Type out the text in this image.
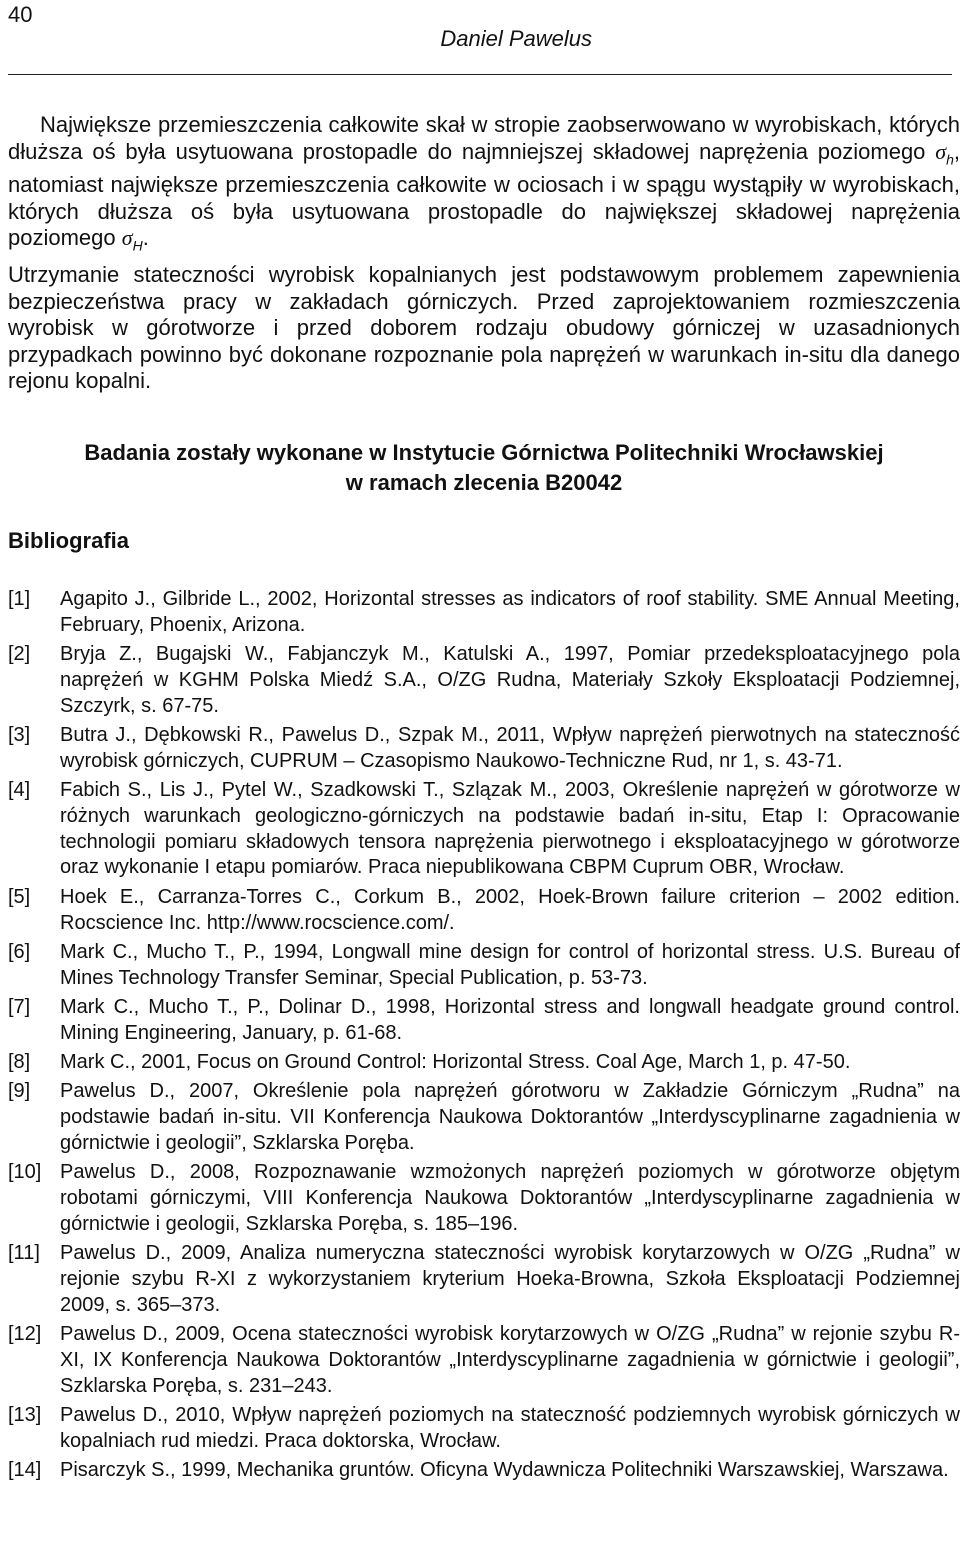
40
Daniel Pawelus

Największe przemieszczenia całkowite skał w stropie zaobserwowano w wyrobiskach, których dłuższa oś była usytuowana prostopadle do najmniejszej składowej naprężenia poziomego $\sigma_h$, natomiast największe przemieszczenia całkowite w ociosach i w spągu wystąpiły w wyrobiskach, których dłuższa oś była usytuowana prostopadle do największej składowej naprężenia poziomego $\sigma_H$.

Utrzymanie stateczności wyrobisk kopalnianych jest podstawowym problemem zapewnienia bezpieczeństwa pracy w zakładach górniczych. Przed zaprojektowaniem rozmieszczenia wyrobisk w górotworze i przed doborem rodzaju obudowy górniczej w uzasadnionych przypadkach powinno być dokonane rozpoznanie pola naprężeń w warunkach in-situ dla danego rejonu kopalni.

Badania zostały wykonane w Instytucie Górnictwa Politechniki Wrocławskiej
w ramach zlecenia B20042
Bibliografia
[1]	Agapito J., Gilbride L., 2002, Horizontal stresses as indicators of roof stability. SME Annual Meeting, February, Phoenix, Arizona.
[2]	Bryja Z., Bugajski W., Fabjanczyk M., Katulski A., 1997, Pomiar przedeksploatacyjnego pola naprężeń w KGHM Polska Miedź S.A., O/ZG Rudna, Materiały Szkoły Eksploatacji Podziemnej, Szczyrk, s. 67-75.
[3]	Butra J., Dębkowski R., Pawelus D., Szpak M., 2011, Wpływ naprężeń pierwotnych na stateczność wyrobisk górniczych, CUPRUM – Czasopismo Naukowo-Techniczne Rud, nr 1, s. 43-71.
[4]	Fabich S., Lis J., Pytel W., Szadkowski T., Szlązak M., 2003, Określenie naprężeń w górotworze w różnych warunkach geologiczno-górniczych na podstawie badań in-situ, Etap I: Opracowanie technologii pomiaru składowych tensora naprężenia pierwotnego i eksploatacyjnego w górotworze oraz wykonanie I etapu pomiarów. Praca niepublikowana CBPM Cuprum OBR, Wrocław.
[5]	Hoek E., Carranza-Torres C., Corkum B., 2002, Hoek-Brown failure criterion – 2002 edition. Rocscience Inc. http://www.rocscience.com/.
[6]	Mark C., Mucho T., P., 1994, Longwall mine design for control of horizontal stress. U.S. Bureau of Mines Technology Transfer Seminar, Special Publication, p. 53-73.
[7]	Mark C., Mucho T., P., Dolinar D., 1998, Horizontal stress and longwall headgate ground control. Mining Engineering, January, p. 61-68.
[8]	Mark C., 2001, Focus on Ground Control: Horizontal Stress. Coal Age, March 1, p. 47-50.
[9]	Pawelus D., 2007, Określenie pola naprężeń górotworu w Zakładzie Górniczym „Rudna” na podstawie badań in-situ. VII Konferencja Naukowa Doktorantów „Interdyscyplinarne zagadnienia w górnictwie i geologii”, Szklarska Poręba.
[10] Pawelus D., 2008, Rozpoznawanie wzmożonych naprężeń poziomych w górotworze objętym robotami górniczymi, VIII Konferencja Naukowa Doktorantów „Interdyscyplinarne zagadnienia w górnictwie i geologii, Szklarska Poręba, s. 185–196.
[11]	Pawelus D., 2009, Analiza numeryczna stateczności wyrobisk korytarzowych w O/ZG „Rudna” w rejonie szybu R-XI z wykorzystaniem kryterium Hoeka-Browna, Szkoła Eksploatacji Podziemnej 2009, s. 365–373.
[12] Pawelus D., 2009, Ocena stateczności wyrobisk korytarzowych w O/ZG „Rudna” w rejonie szybu R-XI, IX Konferencja Naukowa Doktorantów „Interdyscyplinarne zagadnienia w górnictwie i geologii”, Szklarska Poręba, s. 231–243.
[13] Pawelus D., 2010, Wpływ naprężeń poziomych na stateczność podziemnych wyrobisk górniczych w kopalniach rud miedzi. Praca doktorska, Wrocław.
[14] Pisarczyk S., 1999, Mechanika gruntów. Oficyna Wydawnicza Politechniki Warszawskiej, Warszawa.
